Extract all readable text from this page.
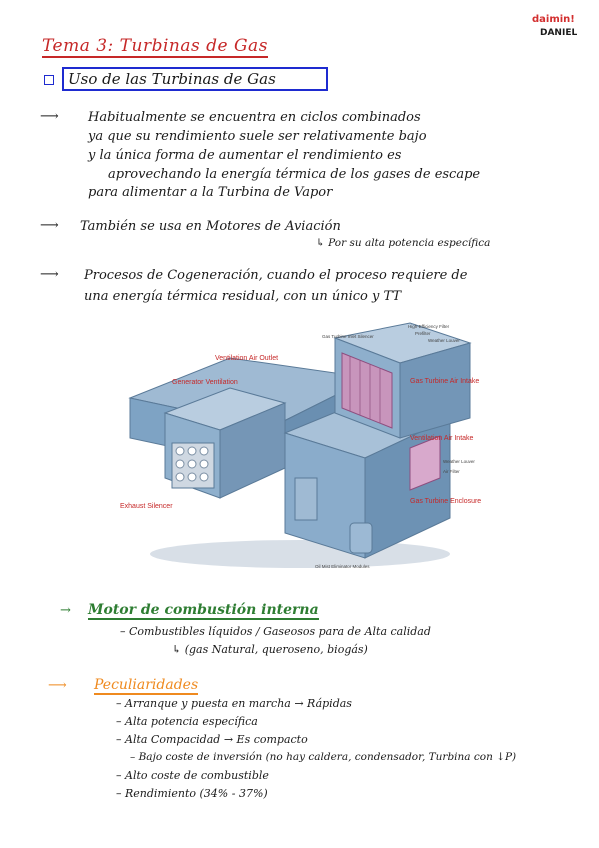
daimin!
DANIEL
Tema 3: Turbinas de Gas
Uso de las Turbinas de Gas
⟶ Habitualmente se encuentra en ciclos combinados
ya que su rendimiento suele ser relativamente bajo
y la única forma de aumentar el rendimiento es
aprovechando la energía térmica de los gases de escape
para alimentar a la Turbina de Vapor
⟶ También se usa en Motores de Aviación
↳ Por su alta potencia específica
⟶ Procesos de Cogeneración, cuando el proceso requiere de
una energía térmica residual, con un único y TT
Generator Ventilation
Ventilation Air Outlet
Gas Turbine Air Intake
Ventilation Air Intake
Gas Turbine Enclosure
Exhaust Silencer
Gas Turbine Inlet Silencer
High-Efficiency Filter
Prefilter
Weather Louver
Weather Louver
Air Filter
Oil Mist Eliminator Modules
→ Motor de combustión interna
– Combustibles líquidos / Gaseosos para de Alta calidad
↳ (gas Natural, queroseno, biogás)
⟶ Peculiaridades
– Arranque y puesta en marcha → Rápidas
– Alta potencia específica
– Alta Compacidad → Es compacto
– Bajo coste de inversión (no hay caldera, condensador, Turbina con ↓P)
– Alto coste de combustible
– Rendimiento (34% - 37%)
